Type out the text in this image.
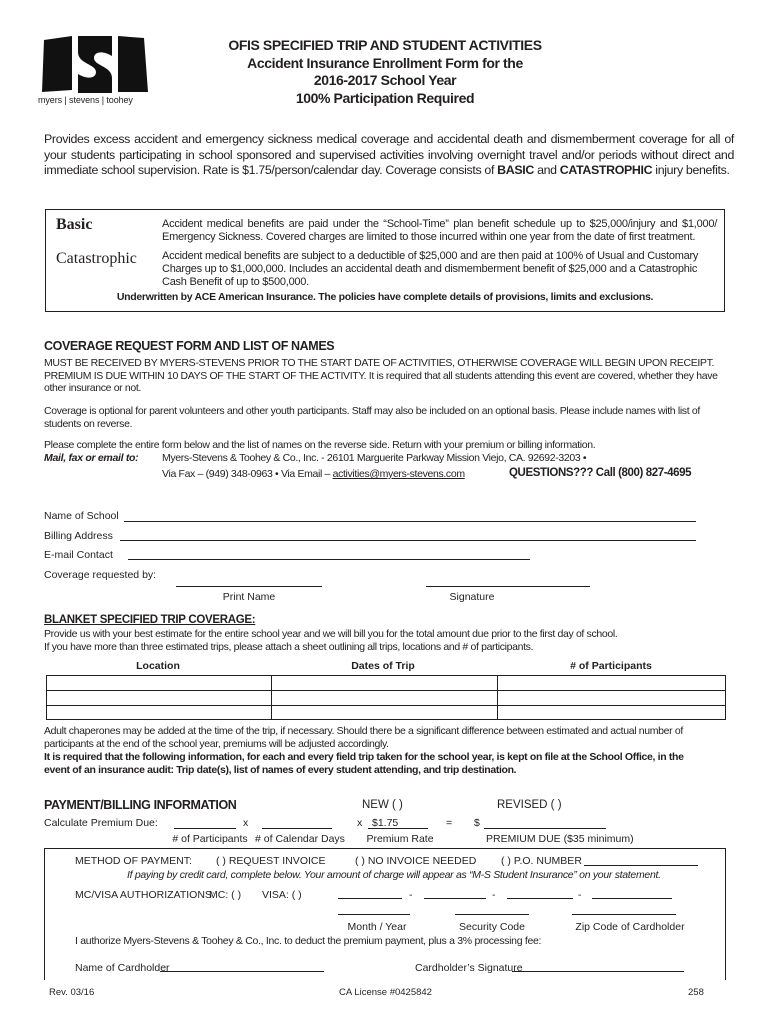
myers | stevens | toohey
OFIS SPECIFIED TRIP AND STUDENT ACTIVITIES
Accident Insurance Enrollment Form for the
2016-2017 School Year
100% Participation Required
Provides excess accident and emergency sickness medical coverage and accidental death and dismemberment coverage for all of your students participating in school sponsored and supervised activities involving overnight travel and/or periods without direct and immediate school supervision. Rate is $1.75/person/calendar day. Coverage consists of BASIC and CATASTROPHIC injury benefits.
Basic	Accident medical benefits are paid under the “School-Time” plan benefit schedule up to $25,000/injury and $1,000/ Emergency Sickness. Covered charges are limited to those incurred within one year from the date of first treatment.
Catastrophic Accident medical benefits are subject to a deductible of $25,000 and are then paid at 100% of Usual and Customary Charges up to $1,000,000. Includes an accidental death and dismemberment benefit of $25,000 and a Catastrophic Cash Benefit of up to $500,000.
Underwritten by ACE American Insurance. The policies have complete details of provisions, limits and exclusions.
COVERAGE REQUEST FORM AND LIST OF NAMES
MUST BE RECEIVED BY MYERS-STEVENS PRIOR TO THE START DATE OF ACTIVITIES, OTHERWISE COVERAGE WILL BEGIN UPON RECEIPT. PREMIUM IS DUE WITHIN 10 DAYS OF THE START OF THE ACTIVITY. It is required that all students attending this event are covered, whether they have other insurance or not.
Coverage is optional for parent volunteers and other youth participants. Staff may also be included on an optional basis. Please include names with list of students on reverse.
Please complete the entire form below and the list of names on the reverse side. Return with your premium or billing information.
Mail, fax or email to: Myers-Stevens & Toohey & Co., Inc. - 26101 Marguerite Parkway Mission Viejo, CA. 92692-3203 •
Via Fax – (949) 348-0963 • Via Email – activities@myers-stevens.com	QUESTIONS??? Call (800) 827-4695
Name of School
Billing Address
E-mail Contact
Coverage requested by:
Print Name	Signature
BLANKET SPECIFIED TRIP COVERAGE:
Provide us with your best estimate for the entire school year and we will bill you for the total amount due prior to the first day of school.
If you have more than three estimated trips, please attach a sheet outlining all trips, locations and # of participants.
Location	Dates of Trip	# of Participants
Adult chaperones may be added at the time of the trip, if necessary. Should there be a significant difference between estimated and actual number of participants at the end of the school year, premiums will be adjusted accordingly.
It is required that the following information, for each and every field trip taken for the school year, is kept on file at the School Office, in the event of an insurance audit: Trip date(s), list of names of every student attending, and trip destination.
PAYMENT/BILLING INFORMATION	NEW ( )	REVISED ( )
Calculate Premium Due:	x	x $1.75	= $
# of Participants # of Calendar Days	Premium Rate	PREMIUM DUE ($35 minimum)
METHOD OF PAYMENT: ( ) REQUEST INVOICE	( ) NO INVOICE NEEDED ( ) P.O. NUMBER
If paying by credit card, complete below. Your amount of charge will appear as “M-S Student Insurance” on your statement.
MC/VISA AUTHORIZATIONS:
MC: ( ) VISA: ( )	-	-	-
Month / Year	Security Code	Zip Code of Cardholder
I authorize Myers-Stevens & Toohey & Co., Inc. to deduct the premium payment, plus a 3% processing fee:
Name of Cardholder	Cardholder’s Signature
Rev. 03/16	CA License #0425842	258
